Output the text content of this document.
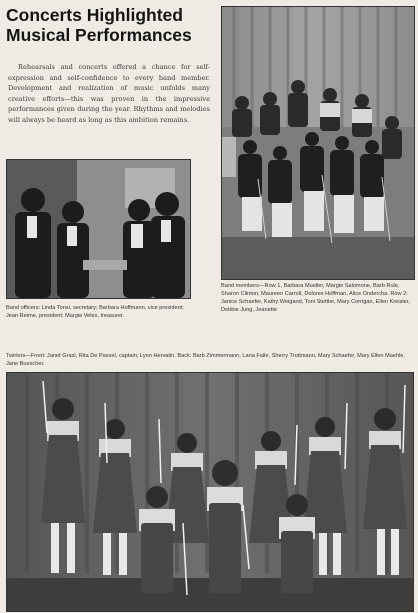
Concerts Highlighted
Musical Performances

Rehearsals and concerts offered a chance for self-expression and self-confidence to every band member. Development and realization of music unfolds many creative efforts—this was proven in the impressive performances given during the year. Rhythms and melodies will always be heard as long as this ambition remains.

Band officers: Linda Tonsi, secretary; Barbara Hoffmann, vice president; Jean Reime, president; Margie Veles, treasurer.

Band members—Row 1, Barbara Mueller, Margie Salomone, Barb Rule, Sharon Clinton, Maureen Carroll, Dolores Hoffman, Alice Ondercha. Row 2: Janice Schaefer, Kathy Weigand, Toni Stettler, Mary Corrigan, Ellen Kreisler, Debbie Jung, Jeanette

Twirlers—Front: Janet Grasl, Rita De Passel, captain; Lynn Hervatin. Back: Barb Zimmermann, Lana Falle, Sherry Truttmann, Mary Schaefer, Mary Ellen Maehle, Jane Buescher.
